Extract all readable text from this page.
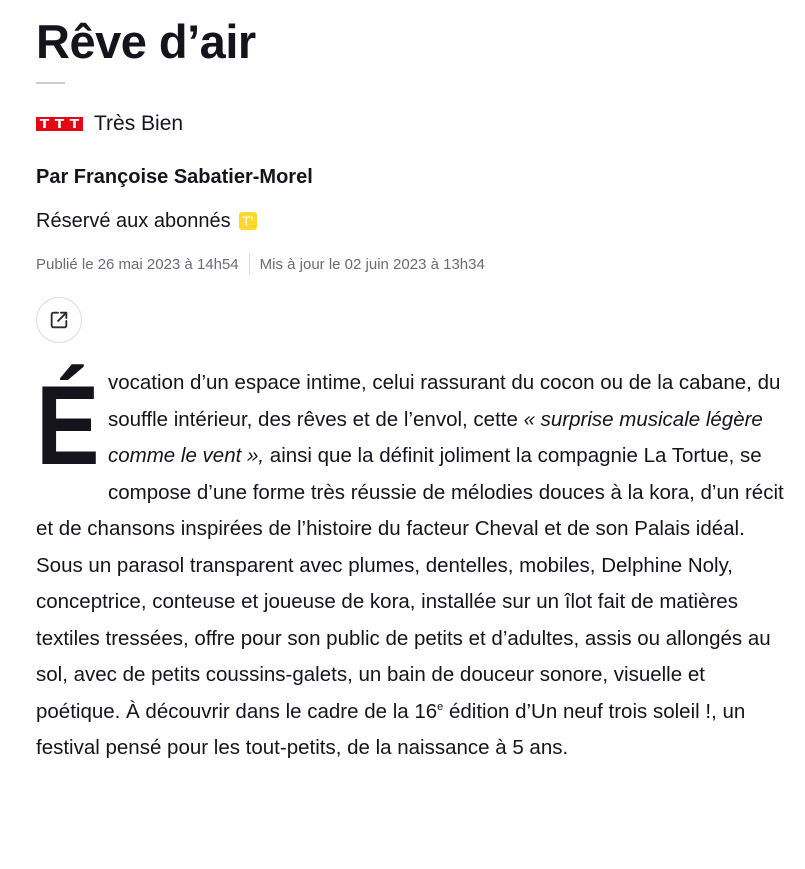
Rêve d’air
T T T Très Bien
Par Françoise Sabatier-Morel
Réservé aux abonnés T'
Publié le 26 mai 2023 à 14h54 Mis à jour le 02 juin 2023 à 13h34

Évocation d’un espace intime, celui rassurant du cocon ou de la cabane, du souffle intérieur, des rêves et de l’envol, cette « surprise musicale légère comme le vent », ainsi que la définit joliment la compagnie La Tortue, se compose d’une forme très réussie de mélodies douces à la kora, d’un récit et de chansons inspirées de l’histoire du facteur Cheval et de son Palais idéal. Sous un parasol transparent avec plumes, dentelles, mobiles, Delphine Noly, conceptrice, conteuse et joueuse de kora, installée sur un îlot fait de matières textiles tressées, offre pour son public de petits et d’adultes, assis ou allongés au sol, avec de petits coussins-galets, un bain de douceur sonore, visuelle et poétique. À découvrir dans le cadre de la 16e édition d’Un neuf trois soleil !, un festival pensé pour les tout-petits, de la naissance à 5 ans.
